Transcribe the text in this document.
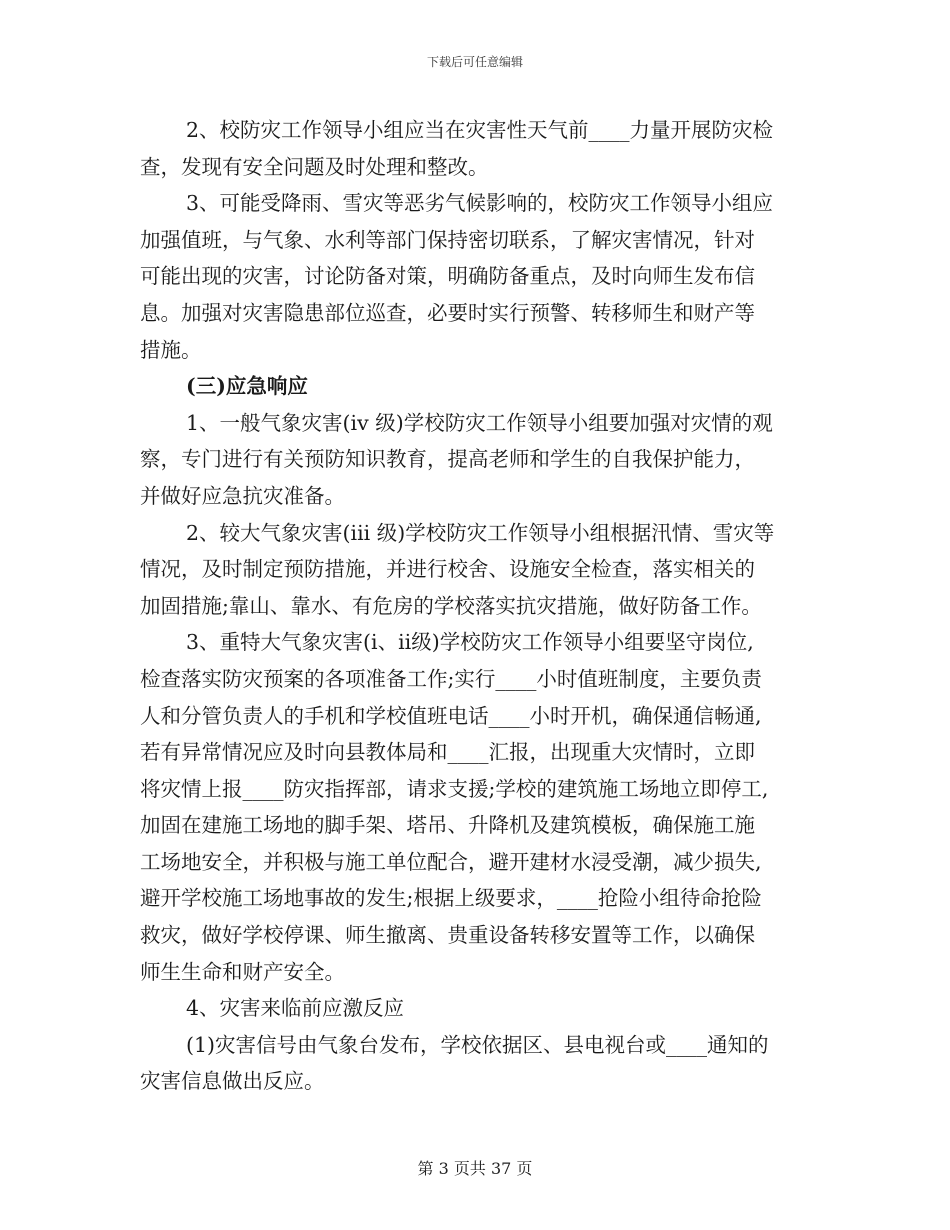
下载后可任意编辑
2、校防灾工作领导小组应当在灾害性天气前____力量开展防灾检
查，发现有安全问题及时处理和整改。
3、可能受降雨、雪灾等恶劣气候影响的，校防灾工作领导小组应
加强值班，与气象、水利等部门保持密切联系，了解灾害情况，针对
可能出现的灾害，讨论防备对策，明确防备重点，及时向师生发布信
息。加强对灾害隐患部位巡查，必要时实行预警、转移师生和财产等
措施。
(三)应急响应
1、一般气象灾害(iv 级)学校防灾工作领导小组要加强对灾情的观
察，专门进行有关预防知识教育，提高老师和学生的自我保护能力，
并做好应急抗灾准备。
2、较大气象灾害(iii 级)学校防灾工作领导小组根据汛情、雪灾等
情况，及时制定预防措施，并进行校舍、设施安全检查，落实相关的
加固措施;靠山、靠水、有危房的学校落实抗灾措施，做好防备工作。
3、重特大气象灾害(ⅰ、ⅱ级)学校防灾工作领导小组要坚守岗位,
检查落实防灾预案的各项准备工作;实行____小时值班制度，主要负责
人和分管负责人的手机和学校值班电话____小时开机，确保通信畅通,
若有异常情况应及时向县教体局和____汇报，出现重大灾情时，立即
将灾情上报____防灾指挥部，请求支援;学校的建筑施工场地立即停工,
加固在建施工场地的脚手架、塔吊、升降机及建筑模板，确保施工施
工场地安全，并积极与施工单位配合，避开建材水浸受潮，减少损失,
避开学校施工场地事故的发生;根据上级要求，____抢险小组待命抢险
救灾，做好学校停课、师生撤离、贵重设备转移安置等工作，以确保
师生生命和财产安全。
4、灾害来临前应激反应
(1)灾害信号由气象台发布，学校依据区、县电视台或____通知的
灾害信息做出反应。
第 3 页共 37 页
